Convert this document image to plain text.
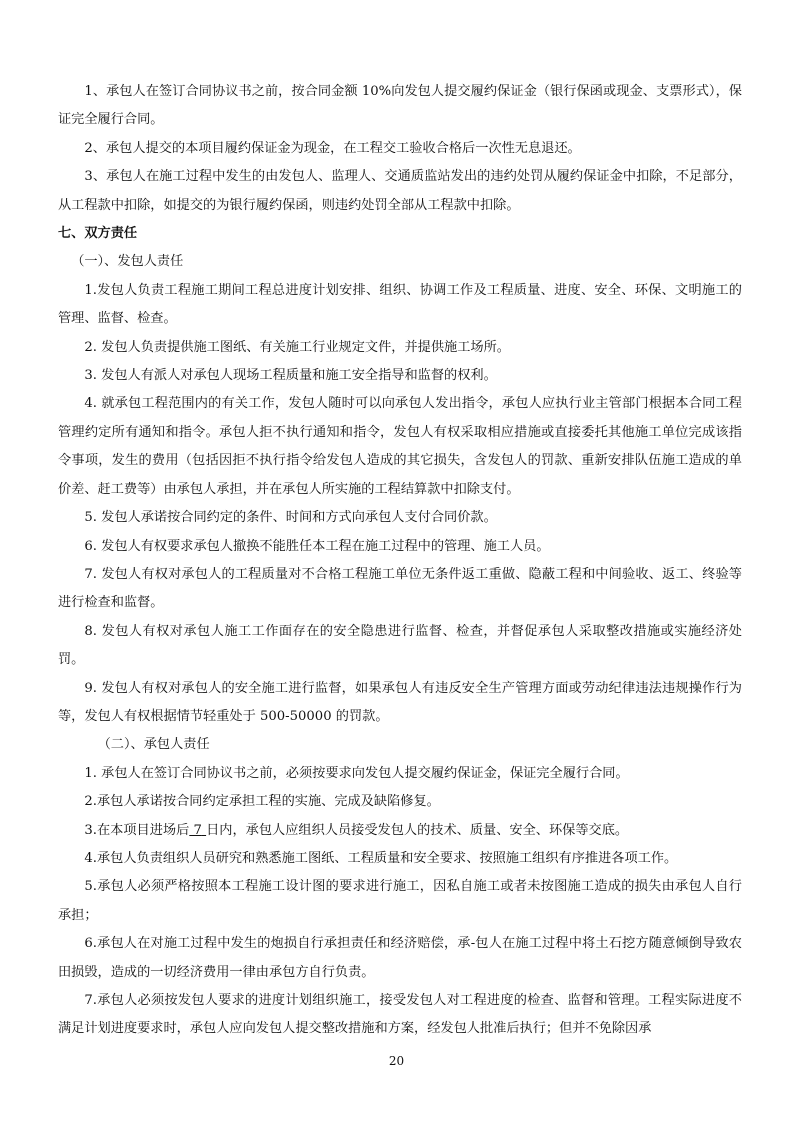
1、承包人在签订合同协议书之前，按合同金额 10%向发包人提交履约保证金（银行保函或现金、支票形式），保证完全履行合同。

2、承包人提交的本项目履约保证金为现金，在工程交工验收合格后一次性无息退还。

3、承包人在施工过程中发生的由发包人、监理人、交通质监站发出的违约处罚从履约保证金中扣除，不足部分，从工程款中扣除，如提交的为银行履约保函，则违约处罚全部从工程款中扣除。

七、双方责任

（一）、发包人责任

1.发包人负责工程施工期间工程总进度计划安排、组织、协调工作及工程质量、进度、安全、环保、文明施工的管理、监督、检查。

2. 发包人负责提供施工图纸、有关施工行业规定文件，并提供施工场所。

3. 发包人有派人对承包人现场工程质量和施工安全指导和监督的权利。

4. 就承包工程范围内的有关工作，发包人随时可以向承包人发出指令，承包人应执行业主管部门根据本合同工程管理约定所有通知和指令。承包人拒不执行通知和指令，发包人有权采取相应措施或直接委托其他施工单位完成该指令事项，发生的费用（包括因拒不执行指令给发包人造成的其它损失，含发包人的罚款、重新安排队伍施工造成的单价差、赶工费等）由承包人承担，并在承包人所实施的工程结算款中扣除支付。

5. 发包人承诺按合同约定的条件、时间和方式向承包人支付合同价款。

6. 发包人有权要求承包人撤换不能胜任本工程在施工过程中的管理、施工人员。

7. 发包人有权对承包人的工程质量对不合格工程施工单位无条件返工重做、隐蔽工程和中间验收、返工、终验等进行检查和监督。

8. 发包人有权对承包人施工工作面存在的安全隐患进行监督、检查，并督促承包人采取整改措施或实施经济处罚。

9. 发包人有权对承包人的安全施工进行监督，如果承包人有违反安全生产管理方面或劳动纪律违法违规操作行为等，发包人有权根据情节轻重处于 500-50000 的罚款。

（二）、承包人责任

1. 承包人在签订合同协议书之前，必须按要求向发包人提交履约保证金，保证完全履行合同。

2.承包人承诺按合同约定承担工程的实施、完成及缺陷修复。

3.在本项目进场后 7 日内，承包人应组织人员接受发包人的技术、质量、安全、环保等交底。

4.承包人负责组织人员研究和熟悉施工图纸、工程质量和安全要求、按照施工组织有序推进各项工作。

5.承包人必须严格按照本工程施工设计图的要求进行施工，因私自施工或者未按图施工造成的损失由承包人自行承担；

6.承包人在对施工过程中发生的炮损自行承担责任和经济赔偿，承-包人在施工过程中将土石挖方随意倾倒导致农田损毁，造成的一切经济费用一律由承包方自行负责。

7.承包人必须按发包人要求的进度计划组织施工，接受发包人对工程进度的检查、监督和管理。工程实际进度不满足计划进度要求时，承包人应向发包人提交整改措施和方案，经发包人批准后执行；但并不免除因承

20
